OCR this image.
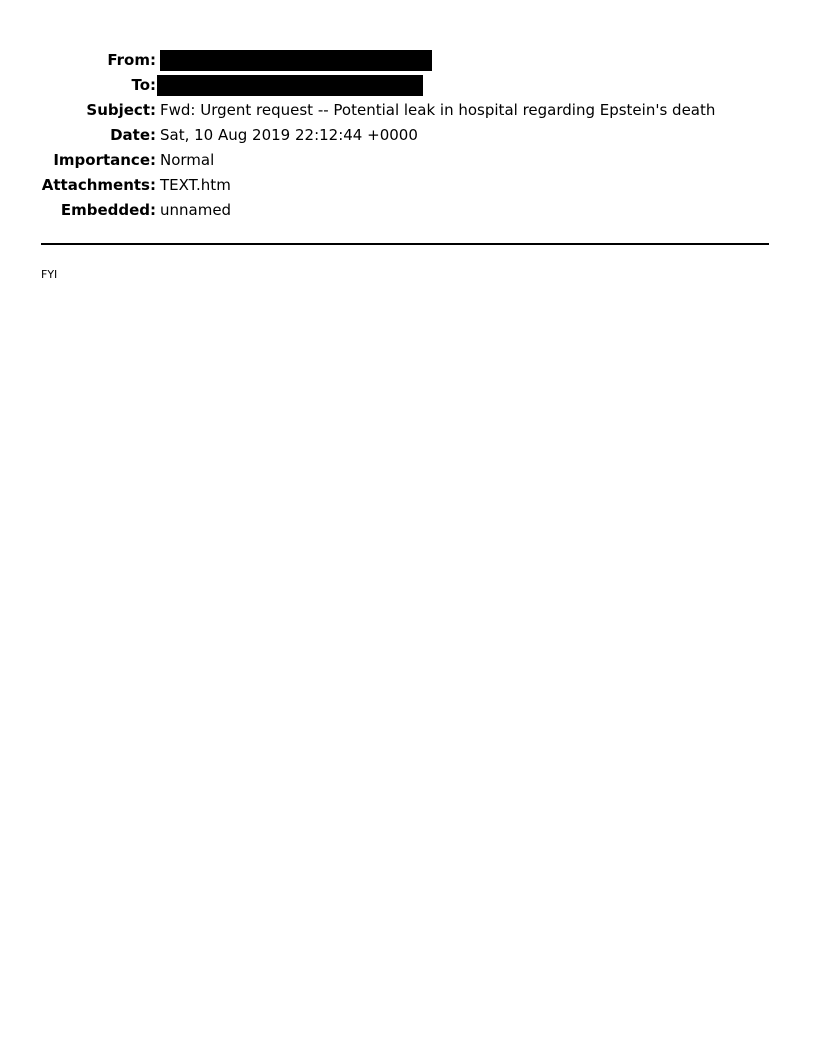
From:
To:
Subject: Fwd: Urgent request -- Potential leak in hospital regarding Epstein's death
Date: Sat, 10 Aug 2019 22:12:44 +0000
Importance: Normal
Attachments: TEXT.htm
Embedded: unnamed
FYI
